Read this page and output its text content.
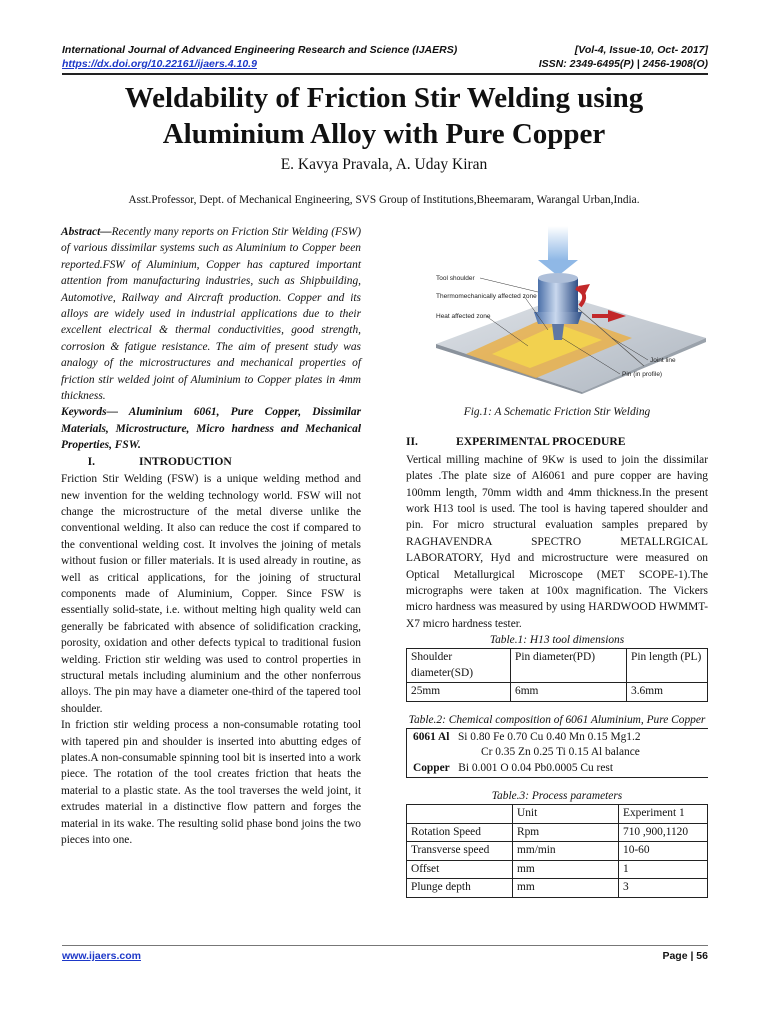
International Journal of Advanced Engineering Research and Science (IJAERS)	[Vol-4, Issue-10, Oct- 2017]
https://dx.doi.org/10.22161/ijaers.4.10.9	ISSN: 2349-6495(P) | 2456-1908(O)
Weldability of Friction Stir Welding using
Aluminium Alloy with Pure Copper
E. Kavya Pravala, A. Uday Kiran
Asst.Professor, Dept. of Mechanical Engineering, SVS Group of Institutions,Bheemaram, Warangal Urban,India.

Abstract—Recently many reports on Friction Stir Welding (FSW) of various dissimilar systems such as Aluminium to Copper been reported.FSW of Aluminium, Copper has captured important attention from manufacturing industries, such as Shipbuilding, Automotive, Railway and Aircraft production. Copper and its alloys are widely used in industrial applications due to their excellent electrical & thermal conductivities, good strength, corrosion & fatigue resistance. The aim of present study was analogy of the microstructures and mechanical properties of friction stir welded joint of Aluminium to Copper plates in 4mm thickness.

Keywords— Aluminium 6061, Pure Copper, Dissimilar Materials, Microstructure, Micro hardness and Mechanical Properties, FSW.

I.	INTRODUCTION

Friction Stir Welding (FSW) is a unique welding method and new invention for the welding technology world. FSW will not change the microstructure of the metal diverse unlike the conventional welding. It also can reduce the cost if compared to the conventional welding cost. It involves the joining of metals without fusion or filler materials. It is used already in routine, as well as critical applications, for the joining of structural components made of Aluminium, Copper. Since FSW is essentially solid-state, i.e. without melting high quality weld can generally be fabricated with absence of solidification cracking, porosity, oxidation and other defects typical to traditional fusion welding. Friction stir welding was used to control properties in structural metals including aluminium and the other nonferrous alloys. The pin may have a diameter one-third of the tapered tool shoulder.

In friction stir welding process a non-consumable rotating tool with tapered pin and shoulder is inserted into abutting edges of plates.A non-consumable spinning tool bit is inserted into a work piece. The rotation of the tool creates friction that heats the material to a plastic state. As the tool traverses the weld joint, it extrudes material in a distinctive flow pattern and forges the material in its wake. The resulting solid phase bond joins the two pieces into one.

Tool shoulder
Thermomechanically affected zone
Heat affected zone
Joint line
Pin (in profile)
Fig.1: A Schematic Friction Stir Welding
II.	EXPERIMENTAL PROCEDURE

Vertical milling machine of 9Kw is used to join the dissimilar plates .The plate size of Al6061 and pure copper are having 100mm length, 70mm width and 4mm thickness.In the present work H13 tool is used. The tool is having tapered shoulder and pin. For micro structural evaluation samples prepared by RAGHAVENDRA SPECTRO METALLRGICAL LABORATORY, Hyd and microstructure were measured on Optical Metallurgical Microscope (MET SCOPE-1).The micrographs were taken at 100x magnification. The Vickers micro hardness was measured by using HARDWOOD HWMMT-X7 micro hardness tester.

Table.1: H13 tool dimensions
Shoulder diameter(SD)	Pin diameter(PD)	Pin length (PL)
25mm	6mm	3.6mm
Table.2: Chemical composition of 6061 Aluminium, Pure Copper
6061 Al Si 0.80 Fe 0.70 Cu 0.40 Mn 0.15 Mg1.2
Cr 0.35 Zn 0.25 Ti 0.15 Al balance
Copper Bi 0.001 O 0.04 Pb0.0005 Cu rest
Table.3: Process parameters
	Unit	Experiment 1
Rotation Speed	Rpm	710 ,900,1120
Transverse speed	mm/min	10-60
Offset	mm	1
Plunge depth	mm	3
www.ijaers.com	Page | 56
